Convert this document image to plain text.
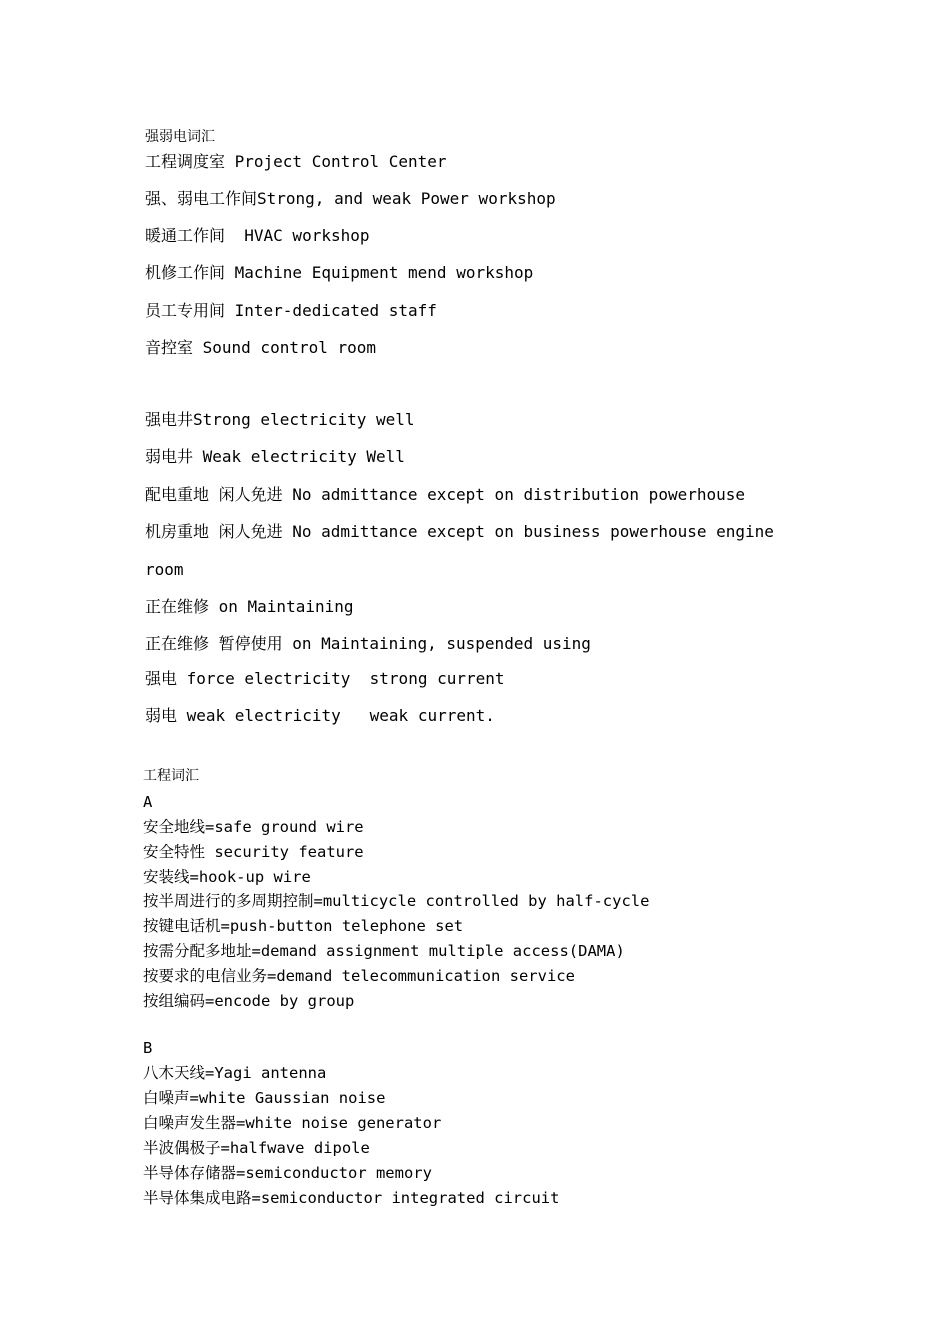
强弱电词汇
工程调度室 Project Control Center
强、弱电工作间Strong, and weak Power workshop
暖通工作间  HVAC workshop
机修工作间 Machine Equipment mend workshop
员工专用间 Inter-dedicated staff
音控室 Sound control room
强电井Strong electricity well
弱电井 Weak electricity Well
配电重地 闲人免进 No admittance except on distribution powerhouse
机房重地 闲人免进 No admittance except on business powerhouse engine
room
正在维修 on Maintaining
正在维修 暂停使用 on Maintaining, suspended using
强电 force electricity  strong current
弱电 weak electricity   weak current.
工程词汇
A
安全地线=safe ground wire
安全特性 security feature
安装线=hook-up wire
按半周进行的多周期控制=multicycle controlled by half-cycle
按键电话机=push-button telephone set
按需分配多地址=demand assignment multiple access(DAMA)
按要求的电信业务=demand telecommunication service
按组编码=encode by group
B
八木天线=Yagi antenna
白噪声=white Gaussian noise
白噪声发生器=white noise generator
半波偶极子=halfwave dipole
半导体存储器=semiconductor memory
半导体集成电路=semiconductor integrated circuit
